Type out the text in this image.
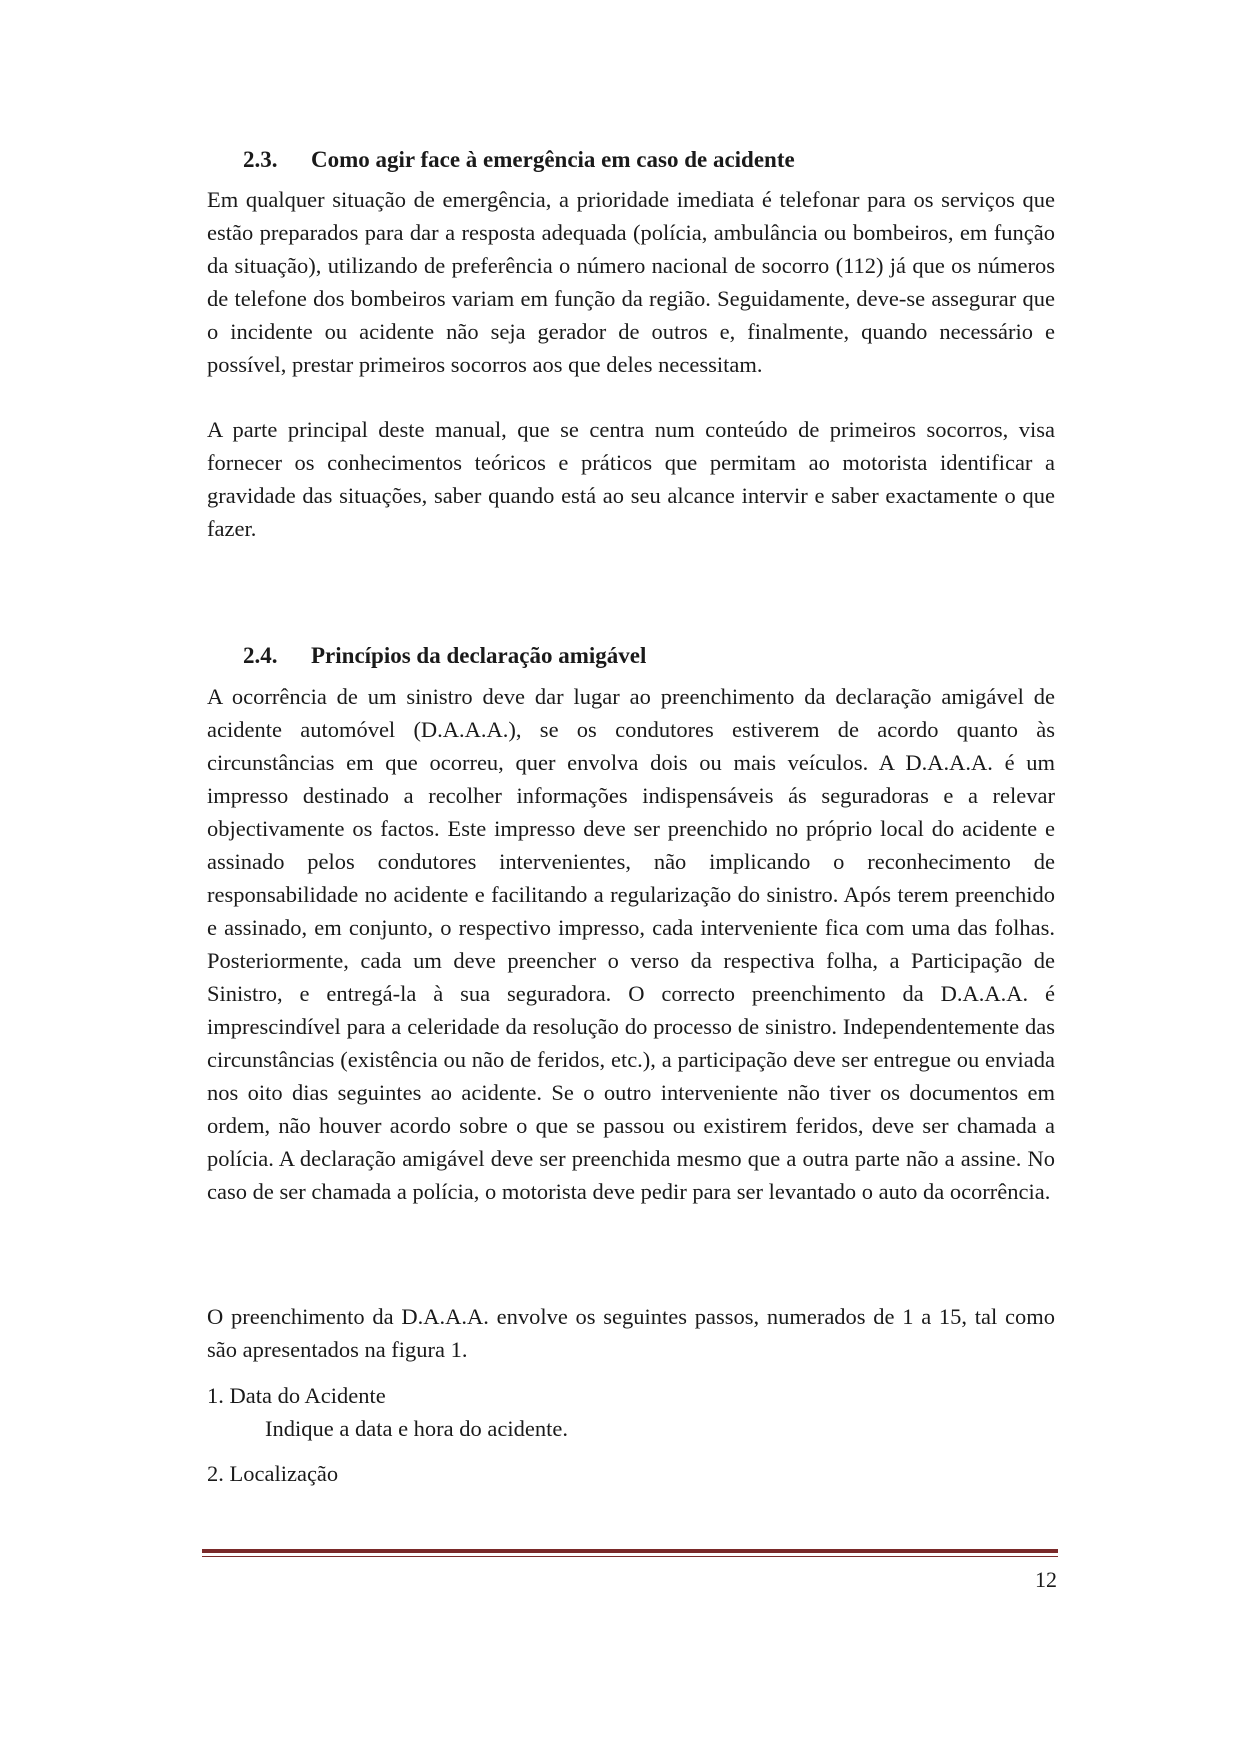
2.3. Como agir face à emergência em caso de acidente

Em qualquer situação de emergência, a prioridade imediata é telefonar para os serviços que estão preparados para dar a resposta adequada (polícia, ambulância ou bombeiros, em função da situação), utilizando de preferência o número nacional de socorro (112) já que os números de telefone dos bombeiros variam em função da região. Seguidamente, deve-se assegurar que o incidente ou acidente não seja gerador de outros e, finalmente, quando necessário e possível, prestar primeiros socorros aos que deles necessitam.

A parte principal deste manual, que se centra num conteúdo de primeiros socorros, visa fornecer os conhecimentos teóricos e práticos que permitam ao motorista identificar a gravidade das situações, saber quando está ao seu alcance intervir e saber exactamente o que fazer.

2.4. Princípios da declaração amigável

A ocorrência de um sinistro deve dar lugar ao preenchimento da declaração amigável de acidente automóvel (D.A.A.A.), se os condutores estiverem de acordo quanto às circunstâncias em que ocorreu, quer envolva dois ou mais veículos. A D.A.A.A. é um impresso destinado a recolher informações indispensáveis ás seguradoras e a relevar objectivamente os factos. Este impresso deve ser preenchido no próprio local do acidente e assinado pelos condutores intervenientes, não implicando o reconhecimento de responsabilidade no acidente e facilitando a regularização do sinistro. Após terem preenchido e assinado, em conjunto, o respectivo impresso, cada interveniente fica com uma das folhas. Posteriormente, cada um deve preencher o verso da respectiva folha, a Participação de Sinistro, e entregá-la à sua seguradora. O correcto preenchimento da D.A.A.A. é imprescindível para a celeridade da resolução do processo de sinistro. Independentemente das circunstâncias (existência ou não de feridos, etc.), a participação deve ser entregue ou enviada nos oito dias seguintes ao acidente. Se o outro interveniente não tiver os documentos em ordem, não houver acordo sobre o que se passou ou existirem feridos, deve ser chamada a polícia. A declaração amigável deve ser preenchida mesmo que a outra parte não a assine. No caso de ser chamada a polícia, o motorista deve pedir para ser levantado o auto da ocorrência.

O preenchimento da D.A.A.A. envolve os seguintes passos, numerados de 1 a 15, tal como são apresentados na figura 1.

1. Data do Acidente

Indique a data e hora do acidente.

2. Localização

12
